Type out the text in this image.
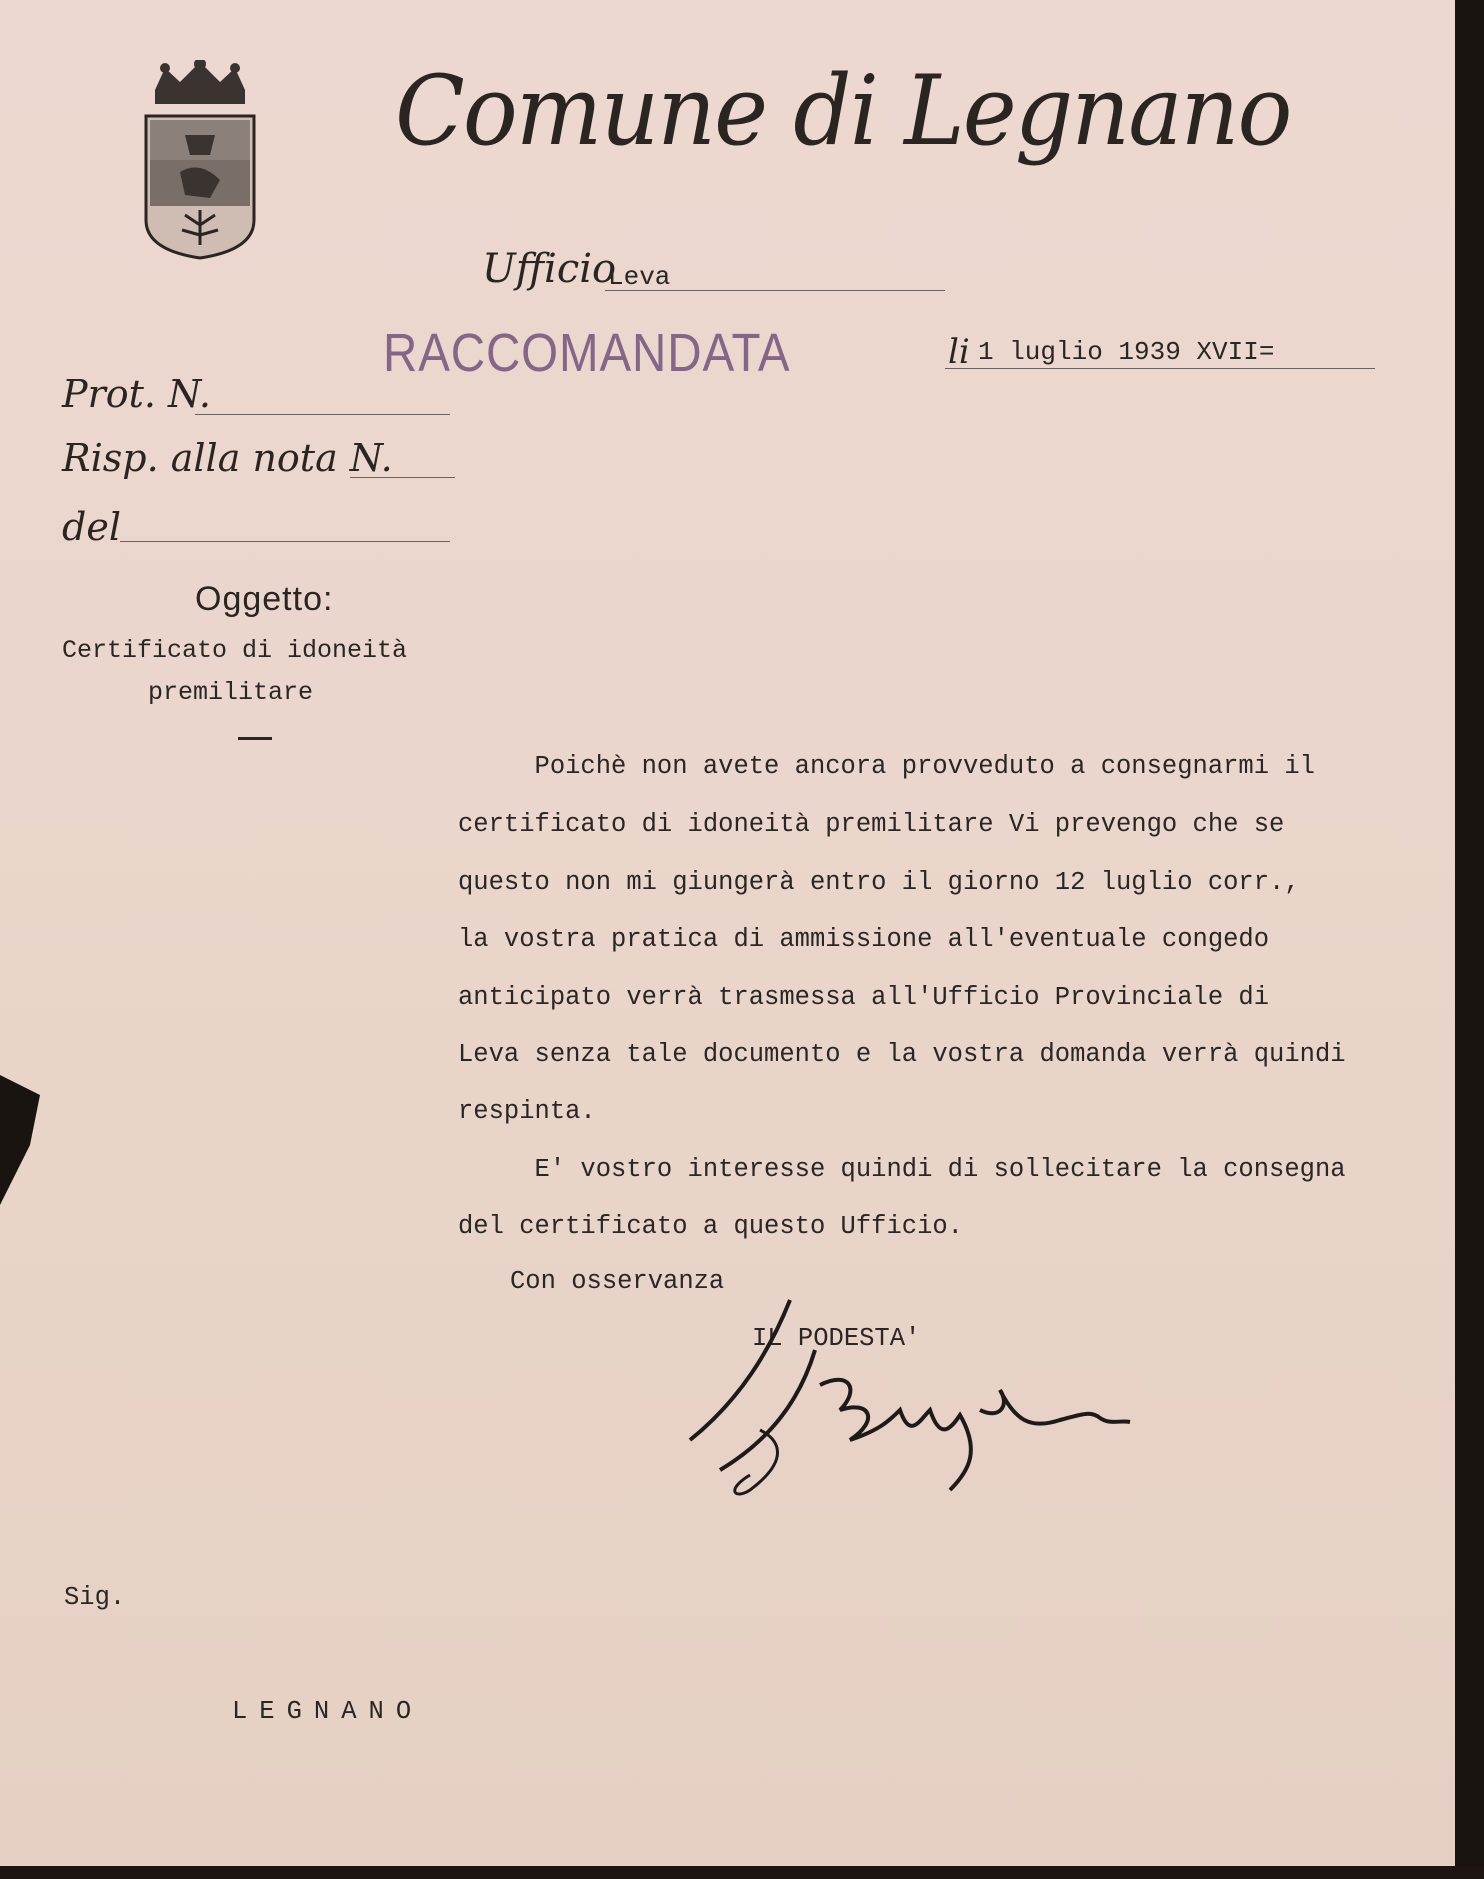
Comune di Legnano
Ufficio
Leva
RACCOMANDATA	li 1 luglio 1939 XVII=
Prot. N.
Risp. alla nota N.
del
Oggetto:
Certificato di idoneità
premilitare
Poichè non avete ancora provveduto a consegnarmi il
certificato di idoneità premilitare Vi prevengo che se
questo non mi giungerà entro il giorno 12 luglio corr.,
la vostra pratica di ammissione all'eventuale congedo
anticipato verrà trasmessa all'Ufficio Provinciale di
Leva senza tale documento e la vostra domanda verrà quindi
respinta.
E' vostro interesse quindi di sollecitare la consegna
del certificato a questo Ufficio.
Con osservanza
IL PODESTA'
Sig.
LEGNANO
